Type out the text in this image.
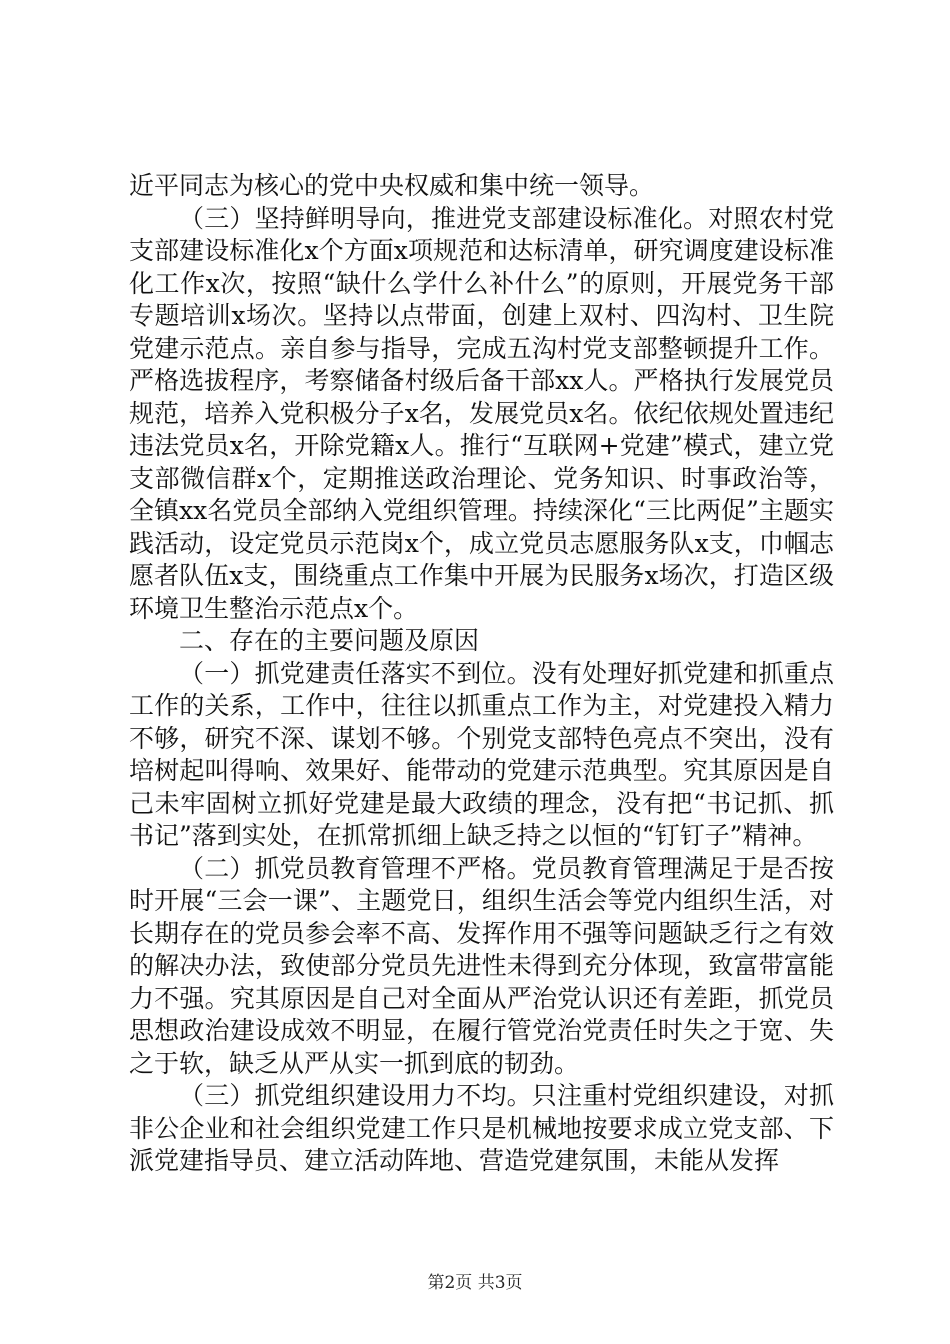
近平同志为核心的党中央权威和集中统一领导。

（三）坚持鲜明导向，推进党支部建设标准化。对照农村党支部建设标准化x个方面x项规范和达标清单，研究调度建设标准化工作x次，按照“缺什么学什么补什么”的原则，开展党务干部专题培训x场次。坚持以点带面，创建上双村、四沟村、卫生院党建示范点。亲自参与指导，完成五沟村党支部整顿提升工作。严格选拔程序，考察储备村级后备干部xx人。严格执行发展党员规范，培养入党积极分子x名，发展党员x名。依纪依规处置违纪违法党员x名，开除党籍x人。推行“互联网+党建”模式，建立党支部微信群x个，定期推送政治理论、党务知识、时事政治等，全镇xx名党员全部纳入党组织管理。持续深化“三比两促”主题实践活动，设定党员示范岗x个，成立党员志愿服务队x支，巾帼志愿者队伍x支，围绕重点工作集中开展为民服务x场次，打造区级环境卫生整治示范点x个。

二、存在的主要问题及原因

（一）抓党建责任落实不到位。没有处理好抓党建和抓重点工作的关系，工作中，往往以抓重点工作为主，对党建投入精力不够，研究不深、谋划不够。个别党支部特色亮点不突出，没有培树起叫得响、效果好、能带动的党建示范典型。究其原因是自己未牢固树立抓好党建是最大政绩的理念，没有把“书记抓、抓书记”落到实处，在抓常抓细上缺乏持之以恒的“钉钉子”精神。

（二）抓党员教育管理不严格。党员教育管理满足于是否按时开展“三会一课”、主题党日，组织生活会等党内组织生活，对长期存在的党员参会率不高、发挥作用不强等问题缺乏行之有效的解决办法，致使部分党员先进性未得到充分体现，致富带富能力不强。究其原因是自己对全面从严治党认识还有差距，抓党员思想政治建设成效不明显，在履行管党治党责任时失之于宽、失之于软，缺乏从严从实一抓到底的韧劲。

（三）抓党组织建设用力不均。只注重村党组织建设，对抓非公企业和社会组织党建工作只是机械地按要求成立党支部、下派党建指导员、建立活动阵地、营造党建氛围，未能从发挥

第2页 共3页
